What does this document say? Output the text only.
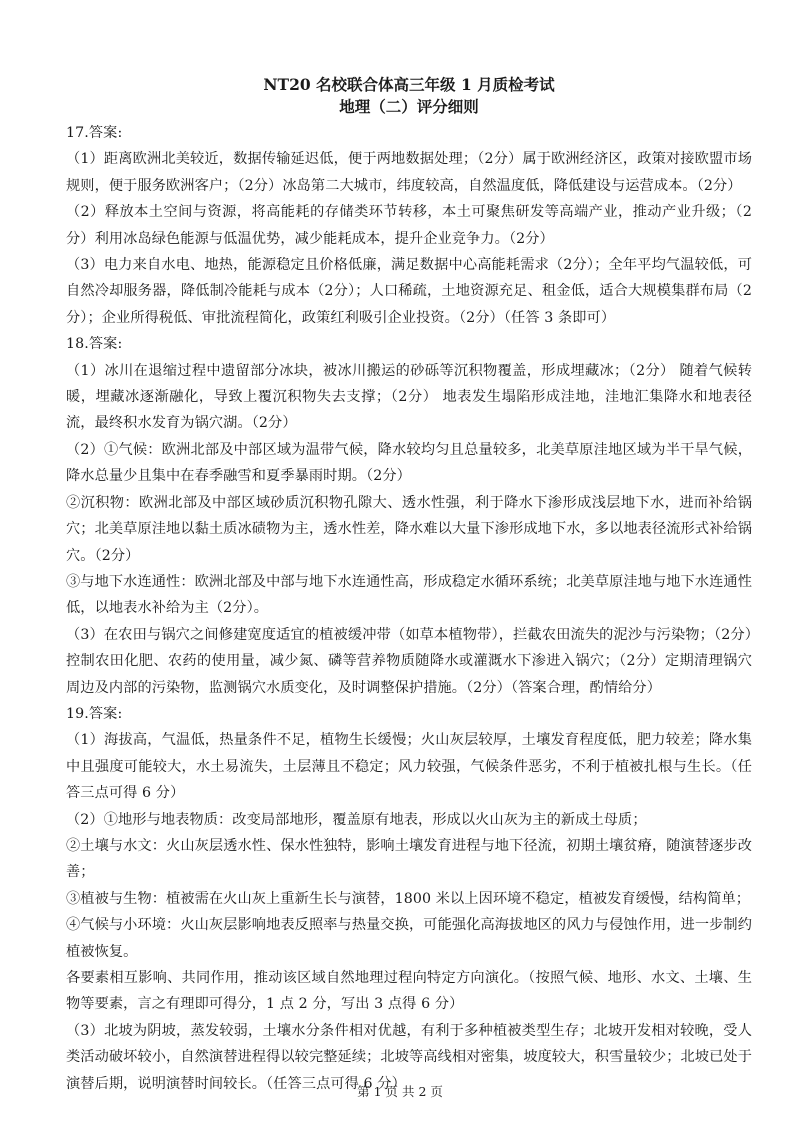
NT20 名校联合体高三年级 1 月质检考试
地理（二）评分细则

17.答案:

（1）距离欧洲北美较近，数据传输延迟低，便于两地数据处理；（2分）属于欧洲经济区，政策对接欧盟市场规则，便于服务欧洲客户；（2分）冰岛第二大城市，纬度较高，自然温度低，降低建设与运营成本。（2分）

（2）释放本土空间与资源，将高能耗的存储类环节转移，本土可聚焦研发等高端产业，推动产业升级；（2分）利用冰岛绿色能源与低温优势，减少能耗成本，提升企业竞争力。（2分）

（3）电力来自水电、地热，能源稳定且价格低廉，满足数据中心高能耗需求（2分）；全年平均气温较低，可自然冷却服务器，降低制冷能耗与成本（2分）；人口稀疏，土地资源充足、租金低，适合大规模集群布局（2分）；企业所得税低、审批流程简化，政策红利吸引企业投资。（2分）（任答 3 条即可）

18.答案:

（1）冰川在退缩过程中遗留部分冰块，被冰川搬运的砂砾等沉积物覆盖，形成埋藏冰；（2分） 随着气候转暖，埋藏冰逐渐融化，导致上覆沉积物失去支撑；（2分） 地表发生塌陷形成洼地，洼地汇集降水和地表径流，最终积水发育为锅穴湖。（2分）

（2）①气候：欧洲北部及中部区域为温带气候，降水较均匀且总量较多，北美草原洼地区域为半干旱气候，降水总量少且集中在春季融雪和夏季暴雨时期。（2分）

②沉积物：欧洲北部及中部区域砂质沉积物孔隙大、透水性强，利于降水下渗形成浅层地下水，进而补给锅穴；北美草原洼地以黏土质冰碛物为主，透水性差，降水难以大量下渗形成地下水，多以地表径流形式补给锅穴。（2分）

③与地下水连通性：欧洲北部及中部与地下水连通性高，形成稳定水循环系统；北美草原洼地与地下水连通性低，以地表水补给为主（2分）。

（3）在农田与锅穴之间修建宽度适宜的植被缓冲带（如草本植物带），拦截农田流失的泥沙与污染物；（2分）控制农田化肥、农药的使用量，减少氮、磷等营养物质随降水或灌溉水下渗进入锅穴；（2分）定期清理锅穴周边及内部的污染物，监测锅穴水质变化，及时调整保护措施。（2分）（答案合理，酌情给分）

19.答案:

（1）海拔高，气温低，热量条件不足，植物生长缓慢；火山灰层较厚，土壤发育程度低，肥力较差；降水集中且强度可能较大，水土易流失，土层薄且不稳定；风力较强，气候条件恶劣，不利于植被扎根与生长。（任答三点可得 6 分）

（2）①地形与地表物质：改变局部地形，覆盖原有地表，形成以火山灰为主的新成土母质；

②土壤与水文：火山灰层透水性、保水性独特，影响土壤发育进程与地下径流，初期土壤贫瘠，随演替逐步改善；

③植被与生物：植被需在火山灰上重新生长与演替，1800 米以上因环境不稳定，植被发育缓慢，结构简单；

④气候与小环境：火山灰层影响地表反照率与热量交换，可能强化高海拔地区的风力与侵蚀作用，进一步制约植被恢复。

各要素相互影响、共同作用，推动该区域自然地理过程向特定方向演化。（按照气候、地形、水文、土壤、生物等要素，言之有理即可得分，1 点 2 分，写出 3 点得 6 分）

（3）北坡为阴坡，蒸发较弱，土壤水分条件相对优越，有利于多种植被类型生存；北坡开发相对较晚，受人类活动破坏较小，自然演替进程得以较完整延续；北坡等高线相对密集，坡度较大，积雪量较少；北坡已处于演替后期，说明演替时间较长。（任答三点可得 6 分）

第 1 页 共 2 页
